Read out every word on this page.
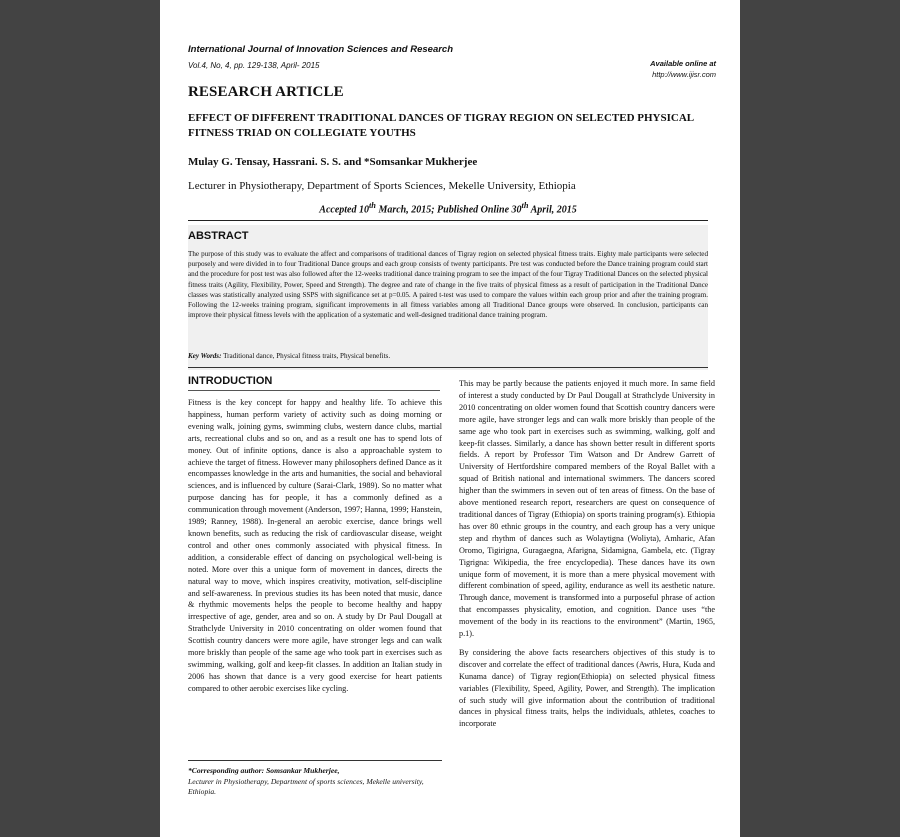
International Journal of Innovation Sciences and Research
Vol.4, No, 4, pp. 129-138, April- 2015	Available online at
http://www.ijisr.com
RESEARCH ARTICLE
EFFECT OF DIFFERENT TRADITIONAL DANCES OF TIGRAY REGION ON SELECTED PHYSICAL FITNESS TRIAD ON COLLEGIATE YOUTHS
Mulay G. Tensay, Hassrani. S. S. and *Somsankar Mukherjee
Lecturer in Physiotherapy, Department of Sports Sciences, Mekelle University, Ethiopia
Accepted 10th March, 2015; Published Online 30th April, 2015
ABSTRACT
The purpose of this study was to evaluate the affect and comparisons of traditional dances of Tigray region on selected physical fitness traits. Eighty male participants were selected purposely and were divided in to four Traditional Dance groups and each group consists of twenty participants. Pre test was conducted before the Dance training program could start and the procedure for post test was also followed after the 12-weeks traditional dance training program to see the impact of the four Tigray Traditional Dances on the selected physical fitness traits (Agility, Flexibility, Power, Speed and Strength). The degree and rate of change in the five traits of physical fitness as a result of participation in the Traditional Dance classes was statistically analyzed using SSPS with significance set at p=0.05. A paired t-test was used to compare the values within each group prior and after the training program. Following the 12-weeks training program, significant improvements in all fitness variables among all Traditional Dance groups were observed. In conclusion, participants can improve their physical fitness levels with the application of a systematic and well-designed traditional dance training program.
Key Words: Traditional dance, Physical fitness traits, Physical benefits.
INTRODUCTION

Fitness is the key concept for happy and healthy life. To achieve this happiness, human perform variety of activity such as doing morning or evening walk, joining gyms, swimming clubs, western dance clubs, martial arts, recreational clubs and so on, and as a result one has to spend lots of money. Out of infinite options, dance is also a approachable system to achieve the target of fitness. However many philosophers defined Dance as it encompasses knowledge in the arts and humanities, the social and behavioral sciences, and is influenced by culture (Sarai-Clark, 1989). So no matter what purpose dancing has for people, it has a commonly defined as a communication through movement (Anderson, 1997; Hanna, 1999; Hanstein, 1989; Ranney, 1988). In-general an aerobic exercise, dance brings well known benefits, such as reducing the risk of cardiovascular disease, weight control and other ones commonly associated with physical fitness. In addition, a considerable effect of dancing on psychological well-being is noted. More over this a unique form of movement in dances, directs the natural way to move, which inspires creativity, motivation, self-discipline and self-awareness. In previous studies its has been noted that music, dance & rhythmic movements helps the people to become healthy and happy irrespective of age, gender, area and so on. A study by Dr Paul Dougall at Strathclyde University in 2010 concentrating on older women found that Scottish country dancers were more agile, have stronger legs and can walk more briskly than people of the same age who took part in exercises such as swimming, walking, golf and keep-fit classes. In addition an Italian study in 2006 has shown that dance is a very good exercise for heart patients compared to other aerobic exercises like cycling.

This may be partly because the patients enjoyed it much more. In same field of interest a study conducted by Dr Paul Dougall at Strathclyde University in 2010 concentrating on older women found that Scottish country dancers were more agile, have stronger legs and can walk more briskly than people of the same age who took part in exercises such as swimming, walking, golf and keep-fit classes. Similarly, a dance has shown better result in different sports fields. A report by Professor Tim Watson and Dr Andrew Garrett of University of Hertfordshire compared members of the Royal Ballet with a squad of British national and international swimmers. The dancers scored higher than the swimmers in seven out of ten areas of fitness. On the base of above mentioned research report, researchers are quest on consequence of traditional dances of Tigray (Ethiopia) on sports training program(s). Ethiopia has over 80 ethnic groups in the country, and each group has a very unique step and rhythm of dances such as Wolaytigna (Woliyta), Amharic, Afan Oromo, Tigirigna, Guragaegna, Afarigna, Sidamigna, Gambela, etc. (Tigray Tigrigna: Wikipedia, the free encyclopedia). These dances have its own unique form of movement, it is more than a mere physical movement with different combination of speed, agility, endurance as well its aesthetic nature. Through dance, movement is transformed into a purposeful phrase of action that encompasses physicality, emotion, and cognition. Dance uses “the movement of the body in its reactions to the environment” (Martin, 1965, p.1).

By considering the above facts researchers objectives of this study is to discover and correlate the effect of traditional dances (Awris, Hura, Kuda and Kunama dance) of Tigray region(Ethiopia) on selected physical fitness variables (Flexibility, Speed, Agility, Power, and Strength). The implication of such study will give information about the contribution of traditional dances in physical fitness traits, helps the individuals, athletes, coaches to incorporate

*Corresponding author: Somsankar Mukherjee,
Lecturer in Physiotherapy, Department of sports sciences, Mekelle university, Ethiopia.
